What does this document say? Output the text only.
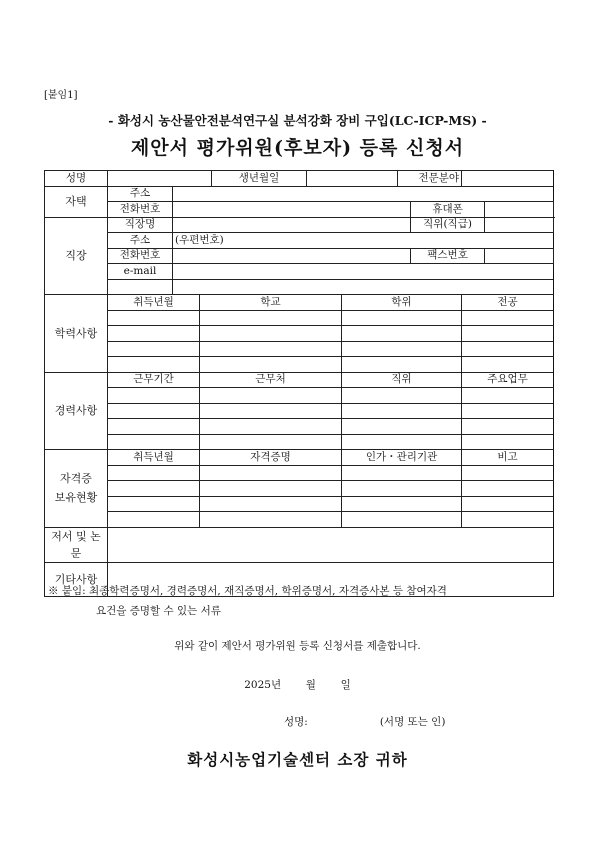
[붙임1]
- 화성시 농산물안전분석연구실 분석강화 장비 구입(LC-ICP-MS) -
제안서 평가위원(후보자) 등록 신청서
성명				생년월일			전문분야			
자택	주소									
	전화번호							휴대폰		
직장	직장명							직위(직급)		
	주소	(우편번호)								
	전화번호							팩스번호		
	e-mail									

학력사항	취득년월		학교			학위			전공	

경력사항	근무기간		근무처			직위			주요업무	

자격증
보유현황	취득년월		자격증명			인가・관리기관			비고	

저서 및 논문										
기타사항										
※ 붙임: 최종학력증명서, 경력증명서, 재직증명서, 학위증명서, 자격증사본 등 참여자격
요건을 증명할 수 있는 서류
위와 같이 제안서 평가위원 등록 신청서를 제출합니다.
2025년 월 일
성명:	(서명 또는 인)
화성시농업기술센터 소장 귀하
